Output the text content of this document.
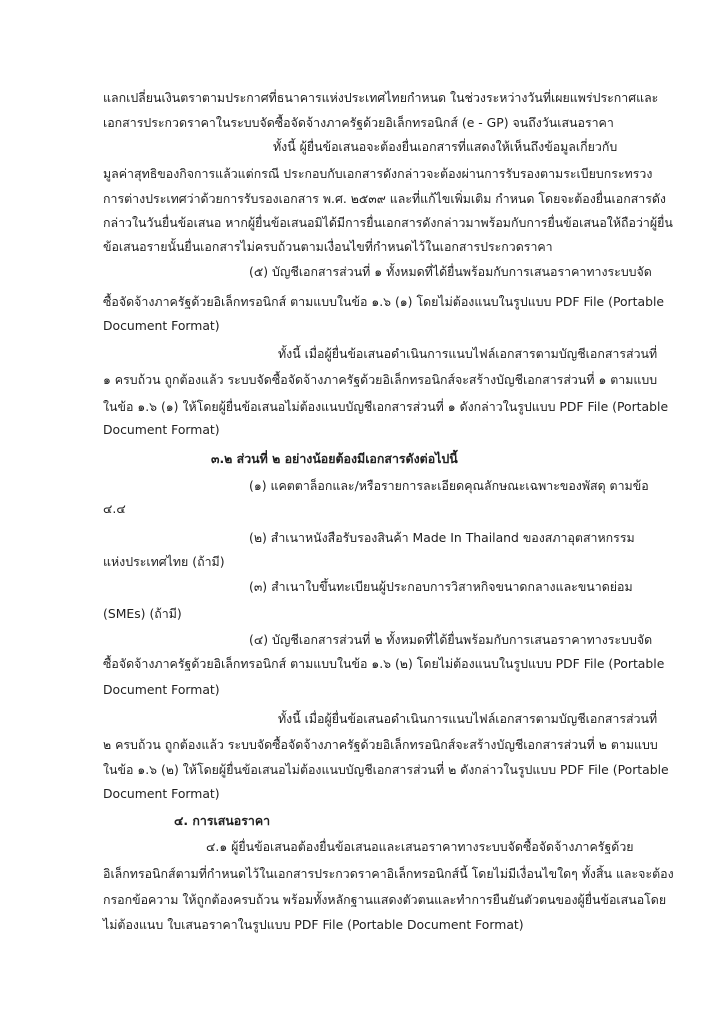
แลกเปลี่ยนเงินตราตามประกาศที่ธนาคารแห่งประเทศไทยกำหนด ในช่วงระหว่างวันที่เผยแพร่ประกาศและ
เอกสารประกวดราคาในระบบจัดซื้อจัดจ้างภาครัฐด้วยอิเล็กทรอนิกส์ (e - GP) จนถึงวันเสนอราคา
ทั้งนี้ ผู้ยื่นข้อเสนอจะต้องยื่นเอกสารที่แสดงให้เห็นถึงข้อมูลเกี่ยวกับ
มูลค่าสุทธิของกิจการแล้วแต่กรณี ประกอบกับเอกสารดังกล่าวจะต้องผ่านการรับรองตามระเบียบกระทรวง
การต่างประเทศว่าด้วยการรับรองเอกสาร พ.ศ. ๒๕๓๙ และที่แก้ไขเพิ่มเติม กำหนด โดยจะต้องยื่นเอกสารดัง
กล่าวในวันยื่นข้อเสนอ หากผู้ยื่นข้อเสนอมิได้มีการยื่นเอกสารดังกล่าวมาพร้อมกับการยื่นข้อเสนอให้ถือว่าผู้ยื่น
ข้อเสนอรายนั้นยื่นเอกสารไม่ครบถ้วนตามเงื่อนไขที่กำหนดไว้ในเอกสารประกวดราคา
(๕) บัญชีเอกสารส่วนที่ ๑ ทั้งหมดที่ได้ยื่นพร้อมกับการเสนอราคาทางระบบจัด
ซื้อจัดจ้างภาครัฐด้วยอิเล็กทรอนิกส์ ตามแบบในข้อ ๑.๖ (๑) โดยไม่ต้องแนบในรูปแบบ PDF File (Portable
Document Format)
ทั้งนี้ เมื่อผู้ยื่นข้อเสนอดำเนินการแนบไฟล์เอกสารตามบัญชีเอกสารส่วนที่
๑ ครบถ้วน ถูกต้องแล้ว ระบบจัดซื้อจัดจ้างภาครัฐด้วยอิเล็กทรอนิกส์จะสร้างบัญชีเอกสารส่วนที่ ๑ ตามแบบ
ในข้อ ๑.๖ (๑) ให้โดยผู้ยื่นข้อเสนอไม่ต้องแนบบัญชีเอกสารส่วนที่ ๑ ดังกล่าวในรูปแบบ PDF File (Portable
Document Format)
๓.๒ ส่วนที่ ๒ อย่างน้อยต้องมีเอกสารดังต่อไปนี้
(๑) แคตตาล็อกและ/หรือรายการละเอียดคุณลักษณะเฉพาะของพัสดุ ตามข้อ
๔.๔
(๒) สำเนาหนังสือรับรองสินค้า Made In Thailand ของสภาอุตสาหกรรม
แห่งประเทศไทย (ถ้ามี)
(๓) สำเนาใบขึ้นทะเบียนผู้ประกอบการวิสาหกิจขนาดกลางและขนาดย่อม
(SMEs) (ถ้ามี)
(๔) บัญชีเอกสารส่วนที่ ๒ ทั้งหมดที่ได้ยื่นพร้อมกับการเสนอราคาทางระบบจัด
ซื้อจัดจ้างภาครัฐด้วยอิเล็กทรอนิกส์ ตามแบบในข้อ ๑.๖ (๒) โดยไม่ต้องแนบในรูปแบบ PDF File (Portable
Document Format)
ทั้งนี้ เมื่อผู้ยื่นข้อเสนอดำเนินการแนบไฟล์เอกสารตามบัญชีเอกสารส่วนที่
๒ ครบถ้วน ถูกต้องแล้ว ระบบจัดซื้อจัดจ้างภาครัฐด้วยอิเล็กทรอนิกส์จะสร้างบัญชีเอกสารส่วนที่ ๒ ตามแบบ
ในข้อ ๑.๖ (๒) ให้โดยผู้ยื่นข้อเสนอไม่ต้องแนบบัญชีเอกสารส่วนที่ ๒ ดังกล่าวในรูปแบบ PDF File (Portable
Document Format)
๔. การเสนอราคา
๔.๑ ผู้ยื่นข้อเสนอต้องยื่นข้อเสนอและเสนอราคาทางระบบจัดซื้อจัดจ้างภาครัฐด้วย
อิเล็กทรอนิกส์ตามที่กำหนดไว้ในเอกสารประกวดราคาอิเล็กทรอนิกส์นี้ โดยไม่มีเงื่อนไขใดๆ ทั้งสิ้น และจะต้อง
กรอกข้อความ ให้ถูกต้องครบถ้วน พร้อมทั้งหลักฐานแสดงตัวตนและทำการยืนยันตัวตนของผู้ยื่นข้อเสนอโดย
ไม่ต้องแนบ ใบเสนอราคาในรูปแบบ PDF File (Portable Document Format)
